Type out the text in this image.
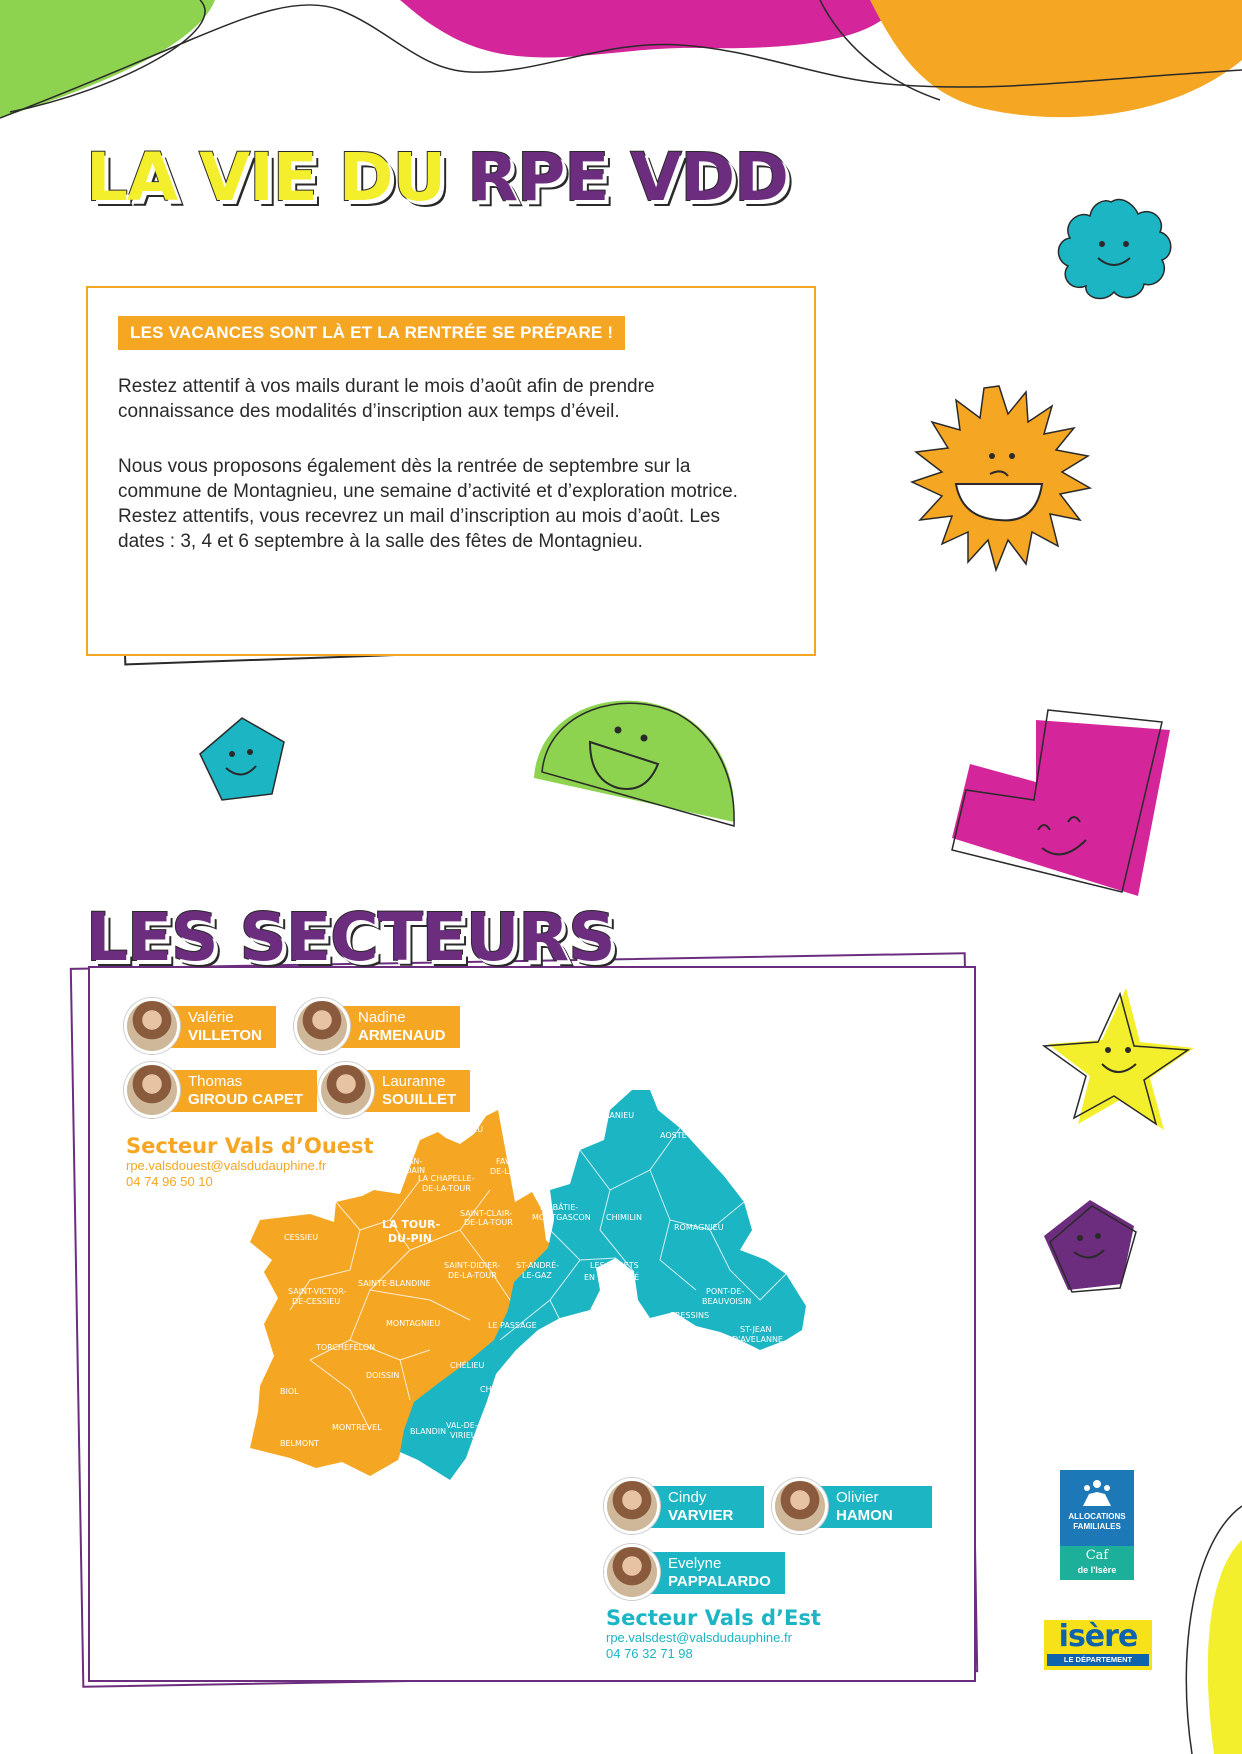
LA VIE DU RPE VDD
LES VACANCES SONT LÀ ET LA RENTRÉE SE PRÉPARE !

Restez attentif à vos mails durant le mois d’août afin de prendre connaissance des modalités d’inscription aux temps d’éveil.

Nous vous proposons également dès la rentrée de septembre sur la commune de Montagnieu, une semaine d’activité et d’exploration motrice. Restez attentifs, vous recevrez un mail d’inscription au mois d’août. Les dates : 3, 4 et 6 septembre à la salle des fêtes de Montagnieu.

LES SECTEURS
Valérie
VILLETON
Nadine
ARMENAUD
Thomas
GIROUD CAPET
Lauranne
SOUILLET
Secteur Vals d’Ouest
rpe.valsdouest@valsdudauphine.fr
04 74 96 50 10
DOLOMIEU
SAINT-JEAN-
DE-SOUDAIN
FAVERGES-
DE-LA-TOUR
ROCHETOIRIN
LA CHAPELLE-
DE-LA-TOUR
SAINT-CLAIR-
DE-LA-TOUR
LA TOUR-
DU-PIN
CESSIEU
SAINT-DIDIER-
DE-LA-TOUR
SAINTE-BLANDINE
SAINT-VICTOR-
DE-CESSIEU
MONTAGNIEU
TORCHEFELON
DOISSIN
BIOL
MONTREVEL
BELMONT
GRANIEU
AOSTE
LA BÂTIE-
MONTGASCON CHIMILIN
ROMAGNIEU
ST-ANDRÉ-
LE-GAZ
LES ABRETS
EN DAUPHINÉ
PONT-DE-
BEAUVOISIN
PRESSINS
LE PASSAGE
SAINT-
ONDRAS
ST-JEAN
D'AVELANNE
ST-ALBIN
DE-VAULSERRE
ST-MARTIN-
DE-VAULSERRE
CHÉLIEU
CHASSIGNIEU
VALENCOGNE
BLANDIN
VAL-DE-
VIRIEU
Cindy
VARVIER
Olivier
HAMON
Evelyne
PAPPALARDO
Secteur Vals d’Est
rpe.valsdest@valsdudauphine.fr
04 76 32 71 98
ALLOCATIONS
FAMILIALES
Caf
de l'Isère
isère
LE DÉPARTEMENT
